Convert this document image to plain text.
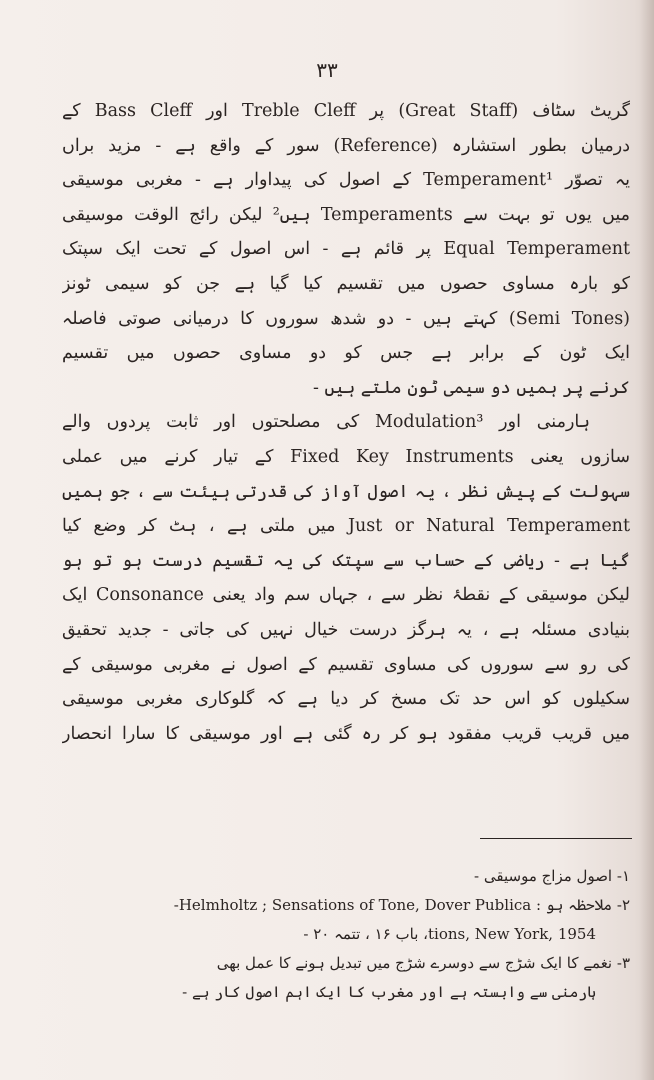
۳۳
گریٹ سٹاف (Great Staff) پر Treble Cleff اور Bass Cleff کے
درمیان بطور استشارہ (Reference) سور کے واقع ہے - مزید براں
یہ تصوّر Temperament¹ کے اصول کی پیداوار ہے - مغربی موسیقی
میں یوں تو بہت سے Temperaments ہیں² لیکن رائج الوقت موسیقی
Equal Temperament پر قائم ہے - اس اصول کے تحت ایک سپتک
کو بارہ مساوی حصوں میں تقسیم کیا گیا ہے جن کو سیمی ٹونز
(Semi Tones) کہتے ہیں - دو شدھ سوروں کا درمیانی صوتی فاصلہ
ایک ٹون کے برابر ہے جس کو دو مساوی حصوں میں تقسیم
کرنے پر ہمیں دو سیمی ٹون ملتے ہیں -
ہارمنی اور Modulation³ کی مصلحتوں اور ثابت پردوں والے
سازوں یعنی Fixed Key Instruments کے تیار کرنے میں عملی
سہولت کے پیش نظر ، یہ اصول آواز کی قدرتی ہیئت سے ، جو ہمیں
Just or Natural Temperament میں ملتی ہے ، ہٹ کر وضع کیا
گیا ہے - ریاضی کے حساب سے سپتک کی یہ تقسیم درست ہو تو ہو
لیکن موسیقی کے نقطۂ نظر سے ، جہاں سم واد یعنی Consonance ایک
بنیادی مسئلہ ہے ، یہ ہرگز درست خیال نہیں کی جاتی - جدید تحقیق
کی رو سے سوروں کی مساوی تقسیم کے اصول نے مغربی موسیقی کے
سکیلوں کو اس حد تک مسخ کر دیا ہے کہ گلوکاری مغربی موسیقی
میں قریب قریب مفقود ہو کر رہ گئی ہے اور موسیقی کا سارا انحصار
۱- اصول مزاج موسیقی -
۲- ملاحظہ ہو : Helmholtz ; Sensations of Tone, Dover Publica-
tions, New York, 1954، باب ۱۶ ، تتمہ ۲۰ -
۳- نغمے کا ایک شڑج سے دوسرے شڑج میں تبدیل ہونے کا عمل بھی
ہارمنی سے وابستہ ہے اور مغرب کا ایک اہم اصول کار ہے -
